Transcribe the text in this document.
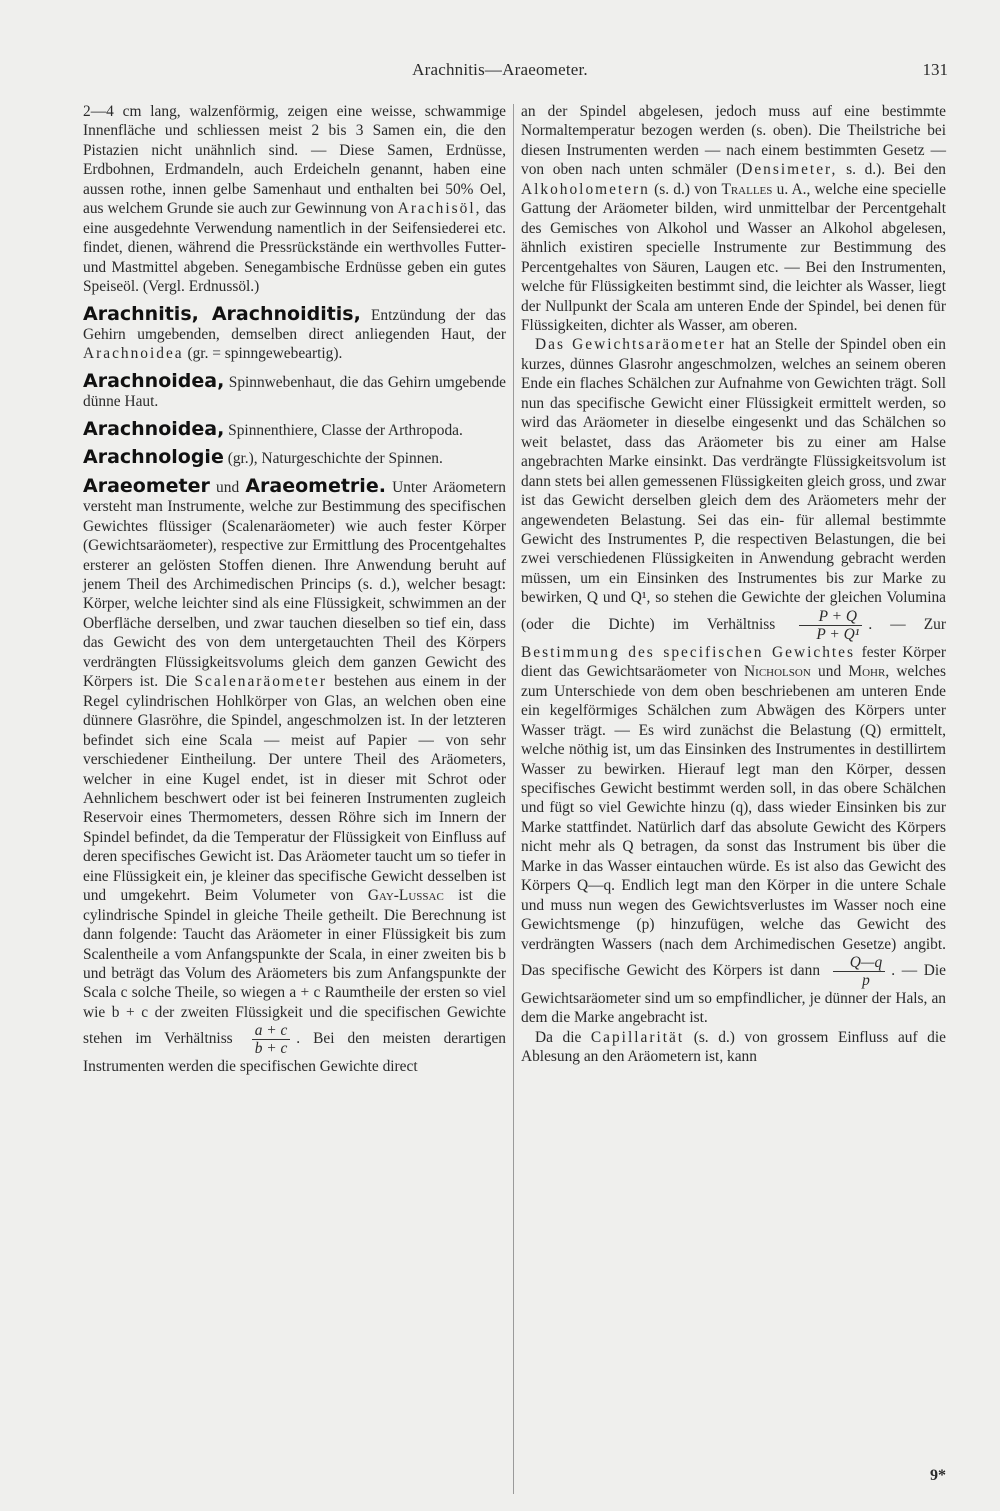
Arachnitis—Araeometer.	131

2—4 cm lang, walzenförmig, zeigen eine weisse, schwammige Innenfläche und schliessen meist 2 bis 3 Samen ein, die den Pistazien nicht unähnlich sind. — Diese Samen, Erdnüsse, Erdbohnen, Erdmandeln, auch Erdeicheln genannt, haben eine aussen rothe, innen gelbe Samenhaut und enthalten bei 50% Oel, aus welchem Grunde sie auch zur Gewinnung von Arachisöl, das eine ausgedehnte Verwendung namentlich in der Seifensiederei etc. findet, dienen, während die Pressrückstände ein werthvolles Futter- und Mastmittel abgeben. Senegambische Erdnüsse geben ein gutes Speiseöl. (Vergl. Erdnussöl.)

Arachnitis, Arachnoiditis, Entzündung der das Gehirn umgebenden, demselben direct anliegenden Haut, der Arachnoidea (gr. = spinngewebeartig).

Arachnoidea, Spinnwebenhaut, die das Gehirn umgebende dünne Haut.

Arachnoidea, Spinnenthiere, Classe der Arthropoda.

Arachnologie (gr.), Naturgeschichte der Spinnen.

Araeometer und Araeometrie. Unter Aräometern versteht man Instrumente, welche zur Bestimmung des specifischen Gewichtes flüssiger (Scalenaräometer) wie auch fester Körper (Gewichtsaräometer), respective zur Ermittlung des Procentgehaltes ersterer an gelösten Stoffen dienen. Ihre Anwendung beruht auf jenem Theil des Archimedischen Princips (s. d.), welcher besagt: Körper, welche leichter sind als eine Flüssigkeit, schwimmen an der Oberfläche derselben, und zwar tauchen dieselben so tief ein, dass das Gewicht des von dem untergetauchten Theil des Körpers verdrängten Flüssigkeitsvolums gleich dem ganzen Gewicht des Körpers ist. Die Scalenaräometer bestehen aus einem in der Regel cylindrischen Hohlkörper von Glas, an welchen oben eine dünnere Glasröhre, die Spindel, angeschmolzen ist. In der letzteren befindet sich eine Scala — meist auf Papier — von sehr verschiedener Eintheilung. Der untere Theil des Aräometers, welcher in eine Kugel endet, ist in dieser mit Schrot oder Aehnlichem beschwert oder ist bei feineren Instrumenten zugleich Reservoir eines Thermometers, dessen Röhre sich im Innern der Spindel befindet, da die Temperatur der Flüssigkeit von Einfluss auf deren specifisches Gewicht ist. Das Aräometer taucht um so tiefer in eine Flüssigkeit ein, je kleiner das specifische Gewicht desselben ist und umgekehrt. Beim Volumeter von Gay-Lussac ist die cylindrische Spindel in gleiche Theile getheilt. Die Berechnung ist dann folgende: Taucht das Aräometer in einer Flüssigkeit bis zum Scalentheile a vom Anfangspunkte der Scala, in einer zweiten bis b und beträgt das Volum des Aräometers bis zum Anfangspunkte der Scala c solche Theile, so wiegen a + c Raumtheile der ersten so viel wie b + c der zweiten Flüssigkeit und die specifischen Gewichte stehen im Verhältniss $\frac{a + c}{b + c}$ . Bei den meisten derartigen Instrumenten werden die specifischen Gewichte direct

an der Spindel abgelesen, jedoch muss auf eine bestimmte Normaltemperatur bezogen werden (s. oben). Die Theilstriche bei diesen Instrumenten werden — nach einem bestimmten Gesetz — von oben nach unten schmäler (Densimeter, s. d.). Bei den Alkoholometern (s. d.) von Tralles u. A., welche eine specielle Gattung der Aräometer bilden, wird unmittelbar der Percentgehalt des Gemisches von Alkohol und Wasser an Alkohol abgelesen, ähnlich existiren specielle Instrumente zur Bestimmung des Percentgehaltes von Säuren, Laugen etc. — Bei den Instrumenten, welche für Flüssigkeiten bestimmt sind, die leichter als Wasser, liegt der Nullpunkt der Scala am unteren Ende der Spindel, bei denen für Flüssigkeiten, dichter als Wasser, am oberen.

Das Gewichtsaräometer hat an Stelle der Spindel oben ein kurzes, dünnes Glasrohr angeschmolzen, welches an seinem oberen Ende ein flaches Schälchen zur Aufnahme von Gewichten trägt. Soll nun das specifische Gewicht einer Flüssigkeit ermittelt werden, so wird das Aräometer in dieselbe eingesenkt und das Schälchen so weit belastet, dass das Aräometer bis zu einer am Halse angebrachten Marke einsinkt. Das verdrängte Flüssigkeitsvolum ist dann stets bei allen gemessenen Flüssigkeiten gleich gross, und zwar ist das Gewicht derselben gleich dem des Aräometers mehr der angewendeten Belastung. Sei das ein- für allemal bestimmte Gewicht des Instrumentes P, die respectiven Belastungen, die bei zwei verschiedenen Flüssigkeiten in Anwendung gebracht werden müssen, um ein Einsinken des Instrumentes bis zur Marke zu bewirken, Q und Q¹, so stehen die Gewichte der gleichen Volumina (oder die Dichte) im Verhältniss $\frac{P + Q}{\text{P + Q¹}}$ . — Zur Bestimmung des specifischen Gewichtes fester Körper dient das Gewichtsaräometer von Nicholson und Mohr, welches zum Unterschiede von dem oben beschriebenen am unteren Ende ein kegelförmiges Schälchen zum Abwägen des Körpers unter Wasser trägt. — Es wird zunächst die Belastung (Q) ermittelt, welche nöthig ist, um das Einsinken des Instrumentes in destillirtem Wasser zu bewirken. Hierauf legt man den Körper, dessen specifisches Gewicht bestimmt werden soll, in das obere Schälchen und fügt so viel Gewichte hinzu (q), dass wieder Einsinken bis zur Marke stattfindet. Natürlich darf das absolute Gewicht des Körpers nicht mehr als Q betragen, da sonst das Instrument bis über die Marke in das Wasser eintauchen würde. Es ist also das Gewicht des Körpers Q—q. Endlich legt man den Körper in die untere Schale und muss nun wegen des Gewichtsverlustes im Wasser noch eine Gewichtsmenge (p) hinzufügen, welche das Gewicht des verdrängten Wassers (nach dem Archimedischen Gesetze) angibt. Das specifische Gewicht des Körpers ist dann $\frac{Q—q}{p}$ . — Die Gewichtsaräometer sind um so empfindlicher, je dünner der Hals, an dem die Marke angebracht ist.

Da die Capillarität (s. d.) von grossem Einfluss auf die Ablesung an den Aräometern ist, kann

9*
